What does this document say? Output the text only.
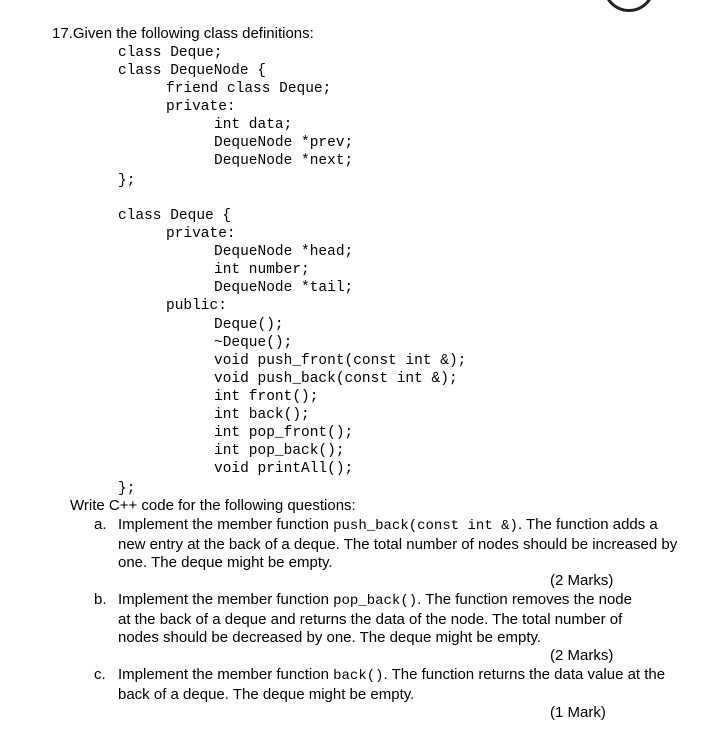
17.Given the following class definitions:
class Deque;
class DequeNode {
friend class Deque;
private:
int data;
DequeNode *prev;
DequeNode *next;
};
class Deque {
private:
DequeNode *head;
int number;
DequeNode *tail;
public:
Deque();
~Deque();
void push_front(const int &);
void push_back(const int &);
int front();
int back();
int pop_front();
int pop_back();
void printAll();
};
Write C++ code for the following questions:
a. Implement the member function push_back(const int &). The function adds a new entry at the back of a deque. The total number of nodes should be increased by one. The deque might be empty.
(2 Marks)
b. Implement the member function pop_back(). The function removes the node at the back of a deque and returns the data of the node. The total number of nodes should be decreased by one. The deque might be empty.
(2 Marks)
c. Implement the member function back(). The function returns the data value at the back of a deque. The deque might be empty.
(1 Mark)
